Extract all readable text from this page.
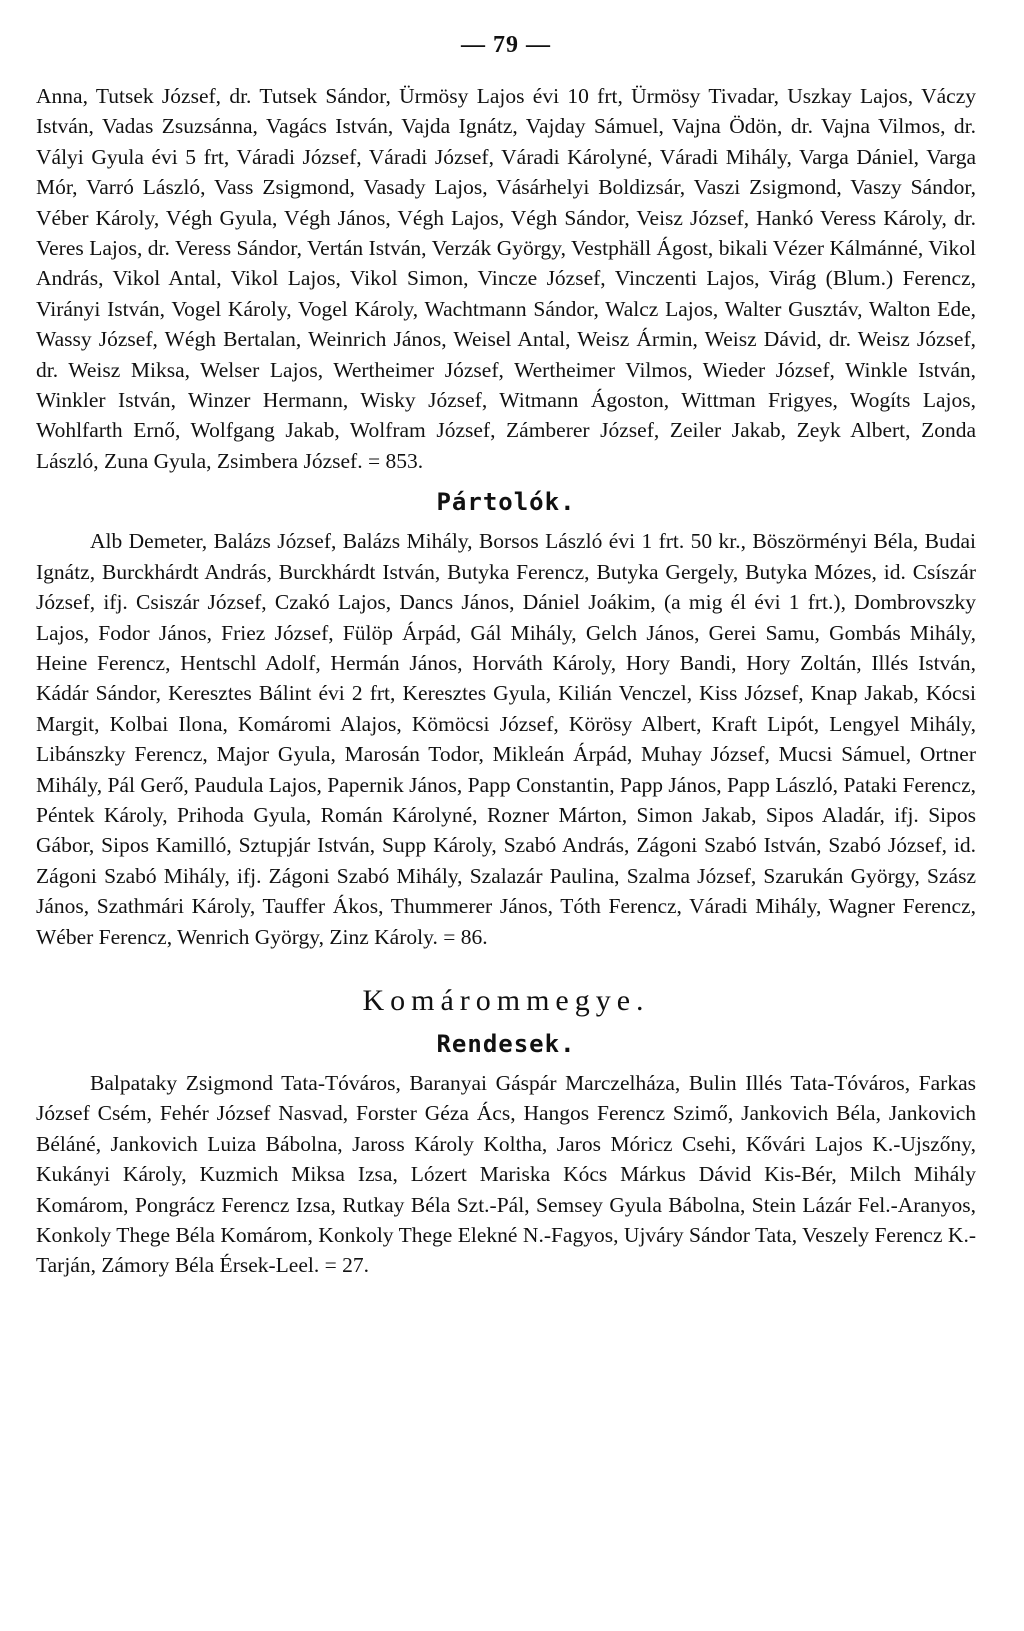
— 79 —

Anna, Tutsek József, dr. Tutsek Sándor, Ürmösy Lajos évi 10 frt, Ürmösy Tivadar, Uszkay Lajos, Váczy István, Vadas Zsuzsánna, Vagács István, Vajda Ignátz, Vajday Sámuel, Vajna Ödön, dr. Vajna Vilmos, dr. Vályi Gyula évi 5 frt, Váradi József, Váradi József, Váradi Károlyné, Váradi Mihály, Varga Dániel, Varga Mór, Varró László, Vass Zsigmond, Vasady Lajos, Vásárhelyi Boldizsár, Vaszi Zsigmond, Vaszy Sándor, Véber Károly, Végh Gyula, Végh János, Végh Lajos, Végh Sándor, Veisz József, Hankó Veress Károly, dr. Veres Lajos, dr. Veress Sándor, Vertán István, Verzák György, Vestphäll Ágost, bikali Vézer Kálmánné, Vikol András, Vikol Antal, Vikol Lajos, Vikol Simon, Vincze József, Vinczenti Lajos, Virág (Blum.) Ferencz, Virányi István, Vogel Károly, Vogel Károly, Wachtmann Sándor, Walcz Lajos, Walter Gusztáv, Walton Ede, Wassy József, Wégh Bertalan, Weinrich János, Weisel Antal, Weisz Ármin, Weisz Dávid, dr. Weisz József, dr. Weisz Miksa, Welser Lajos, Wertheimer József, Wertheimer Vilmos, Wieder József, Winkle István, Winkler István, Winzer Hermann, Wisky József, Witmann Ágoston, Wittman Frigyes, Wogíts Lajos, Wohlfarth Ernő, Wolfgang Jakab, Wolfram József, Zámberer József, Zeiler Jakab, Zeyk Albert, Zonda László, Zuna Gyula, Zsimbera József. = 853.

Pártolók.

Alb Demeter, Balázs József, Balázs Mihály, Borsos László évi 1 frt. 50 kr., Böszörményi Béla, Budai Ignátz, Burckhárdt András, Burckhárdt István, Butyka Ferencz, Butyka Gergely, Butyka Mózes, id. Csíszár József, ifj. Csiszár József, Czakó Lajos, Dancs János, Dániel Joákim, (a mig él évi 1 frt.), Dombrovszky Lajos, Fodor János, Friez József, Fülöp Árpád, Gál Mihály, Gelch János, Gerei Samu, Gombás Mihály, Heine Ferencz, Hentschl Adolf, Hermán János, Horváth Károly, Hory Bandi, Hory Zoltán, Illés István, Kádár Sándor, Keresztes Bálint évi 2 frt, Keresztes Gyula, Kilián Venczel, Kiss József, Knap Jakab, Kócsi Margit, Kolbai Ilona, Komáromi Alajos, Kömöcsi József, Körösy Albert, Kraft Lipót, Lengyel Mihály, Libánszky Ferencz, Major Gyula, Marosán Todor, Mikleán Árpád, Muhay József, Mucsi Sámuel, Ortner Mihály, Pál Gerő, Paudula Lajos, Papernik János, Papp Constantin, Papp János, Papp László, Pataki Ferencz, Péntek Károly, Prihoda Gyula, Román Károlyné, Rozner Márton, Simon Jakab, Sipos Aladár, ifj. Sipos Gábor, Sipos Kamilló, Sztupjár István, Supp Károly, Szabó András, Zágoni Szabó István, Szabó József, id. Zágoni Szabó Mihály, ifj. Zágoni Szabó Mihály, Szalazár Paulina, Szalma József, Szarukán György, Szász János, Szathmári Károly, Tauffer Ákos, Thummerer János, Tóth Ferencz, Váradi Mihály, Wagner Ferencz, Wéber Ferencz, Wenrich György, Zinz Károly. = 86.

Komárommegye.
Rendesek.

Balpataky Zsigmond Tata-Tóváros, Baranyai Gáspár Marczelháza, Bulin Illés Tata-Tóváros, Farkas József Csém, Fehér József Nasvad, Forster Géza Ács, Hangos Ferencz Szimő, Jankovich Béla, Jankovich Béláné, Jankovich Luiza Bábolna, Jaross Károly Koltha, Jaros Móricz Csehi, Kővári Lajos K.-Ujszőny, Kukányi Károly, Kuzmich Miksa Izsa, Lózert Mariska Kócs Márkus Dávid Kis-Bér, Milch Mihály Komárom, Pongrácz Ferencz Izsa, Rutkay Béla Szt.-Pál, Semsey Gyula Bábolna, Stein Lázár Fel.-Aranyos, Konkoly Thege Béla Komárom, Konkoly Thege Elekné N.-Fagyos, Ujváry Sándor Tata, Veszely Ferencz K.-Tarján, Zámory Béla Érsek-Leel. = 27.
